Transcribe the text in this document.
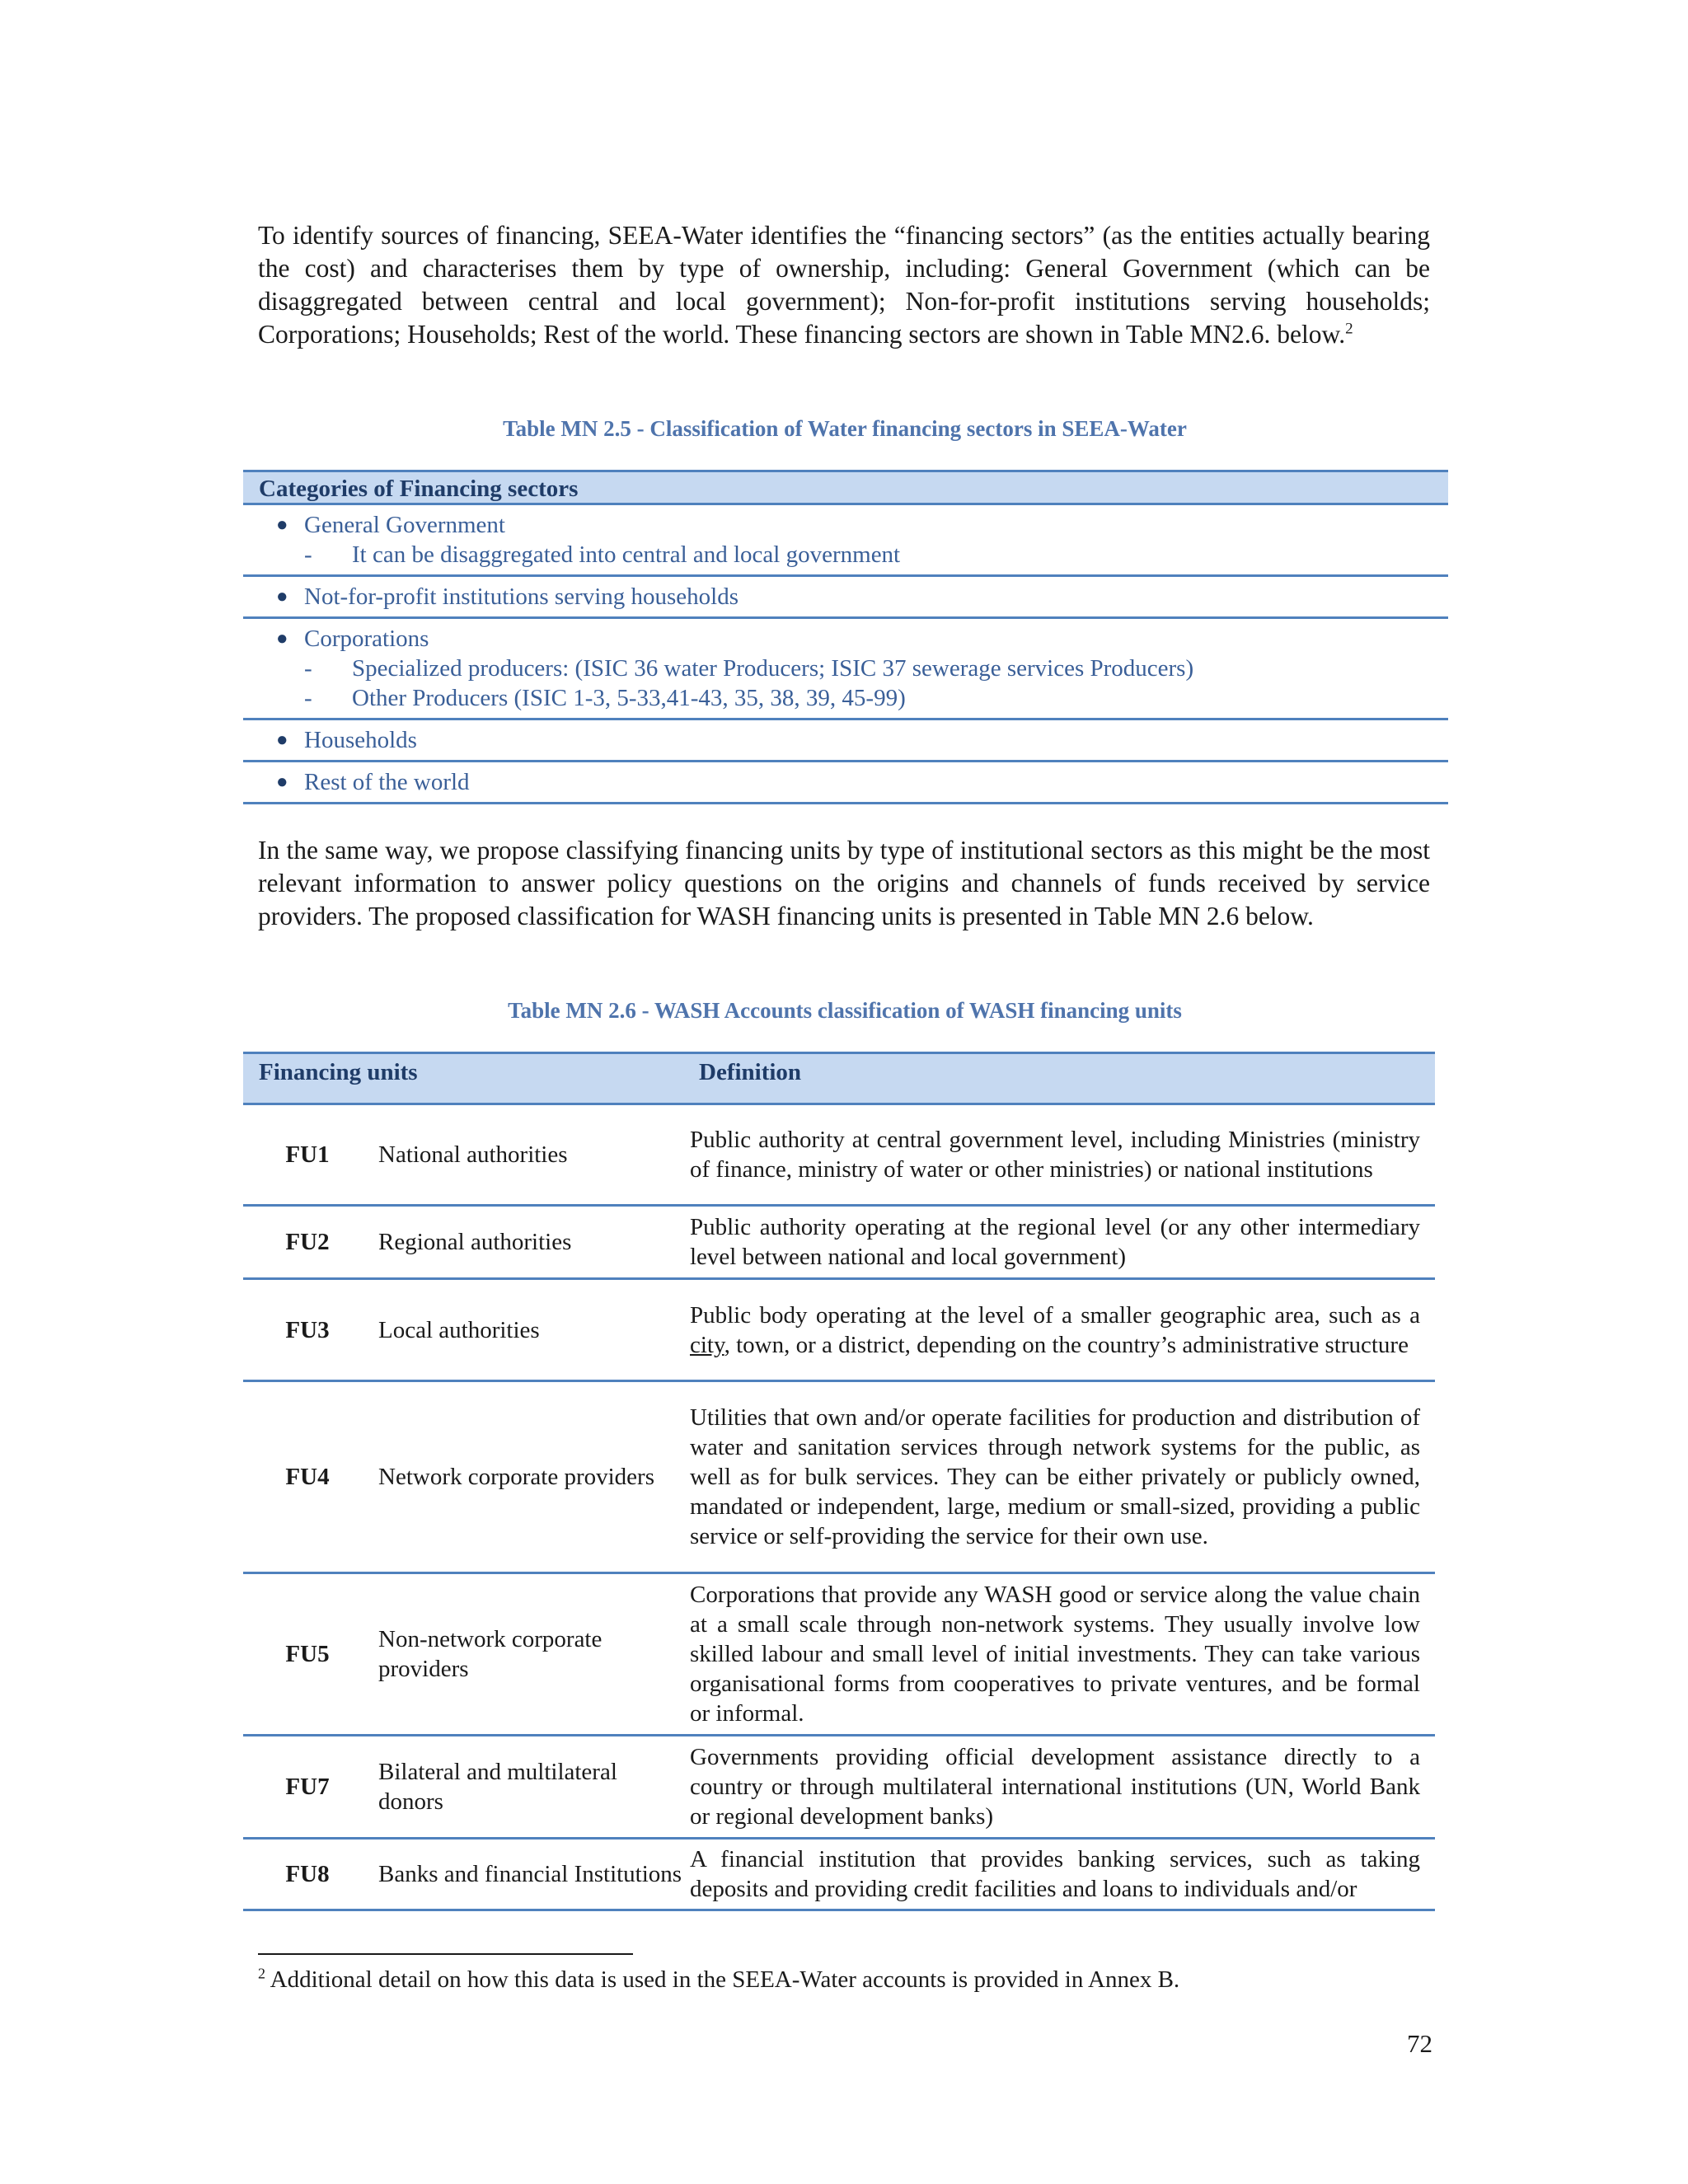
To identify sources of financing, SEEA-Water identifies the “financing sectors” (as the entities actually bearing the cost) and characterises them by type of ownership, including: General Government (which can be disaggregated between central and local government); Non-for-profit institutions serving households; Corporations; Households; Rest of the world. These financing sectors are shown in Table MN2.6. below.$^2$

Table MN 2.5 - Classification of Water financing sectors in SEEA-Water

Categories of Financing sectors
● General Government
-	It can be disaggregated into central and local government
● Not-for-profit institutions serving households
● Corporations
-	Specialized producers: (ISIC 36 water Producers; ISIC 37 sewerage services Producers)
-	Other Producers (ISIC 1-3, 5-33,41-43, 35, 38, 39, 45-99)
● Households
● Rest of the world

In the same way, we propose classifying financing units by type of institutional sectors as this might be the most relevant information to answer policy questions on the origins and channels of funds received by service providers. The proposed classification for WASH financing units is presented in Table MN 2.6 below.

Table MN 2.6 - WASH Accounts classification of WASH financing units

Financing units		Definition
FU1	National authorities	Public authority at central government level, including Ministries (ministry of finance, ministry of water or other ministries) or national institutions
FU2	Regional authorities	Public authority operating at the regional level (or any other intermediary level between national and local government)
FU3	Local authorities	Public body operating at the level of a smaller geographic area, such as a city, town, or a district, depending on the country’s administrative structure
FU4	Network corporate providers	Utilities that own and/or operate facilities for production and distribution of water and sanitation services through network systems for the public, as well as for bulk services. They can be either privately or publicly owned, mandated or independent, large, medium or small-sized, providing a public service or self-providing the service for their own use.
FU5	Non-network corporate providers	Corporations that provide any WASH good or service along the value chain at a small scale through non-network systems. They usually involve low skilled labour and small level of initial investments. They can take various organisational forms from cooperatives to private ventures, and be formal or informal.
FU7	Bilateral and multilateral donors	Governments providing official development assistance directly to a country or through multilateral international institutions (UN, World Bank or regional development banks)
FU8	Banks and financial Institutions	A financial institution that provides banking services, such as taking deposits and providing credit facilities and loans to individuals and/or

$^2$ Additional detail on how this data is used in the SEEA-Water accounts is provided in Annex B.

72
